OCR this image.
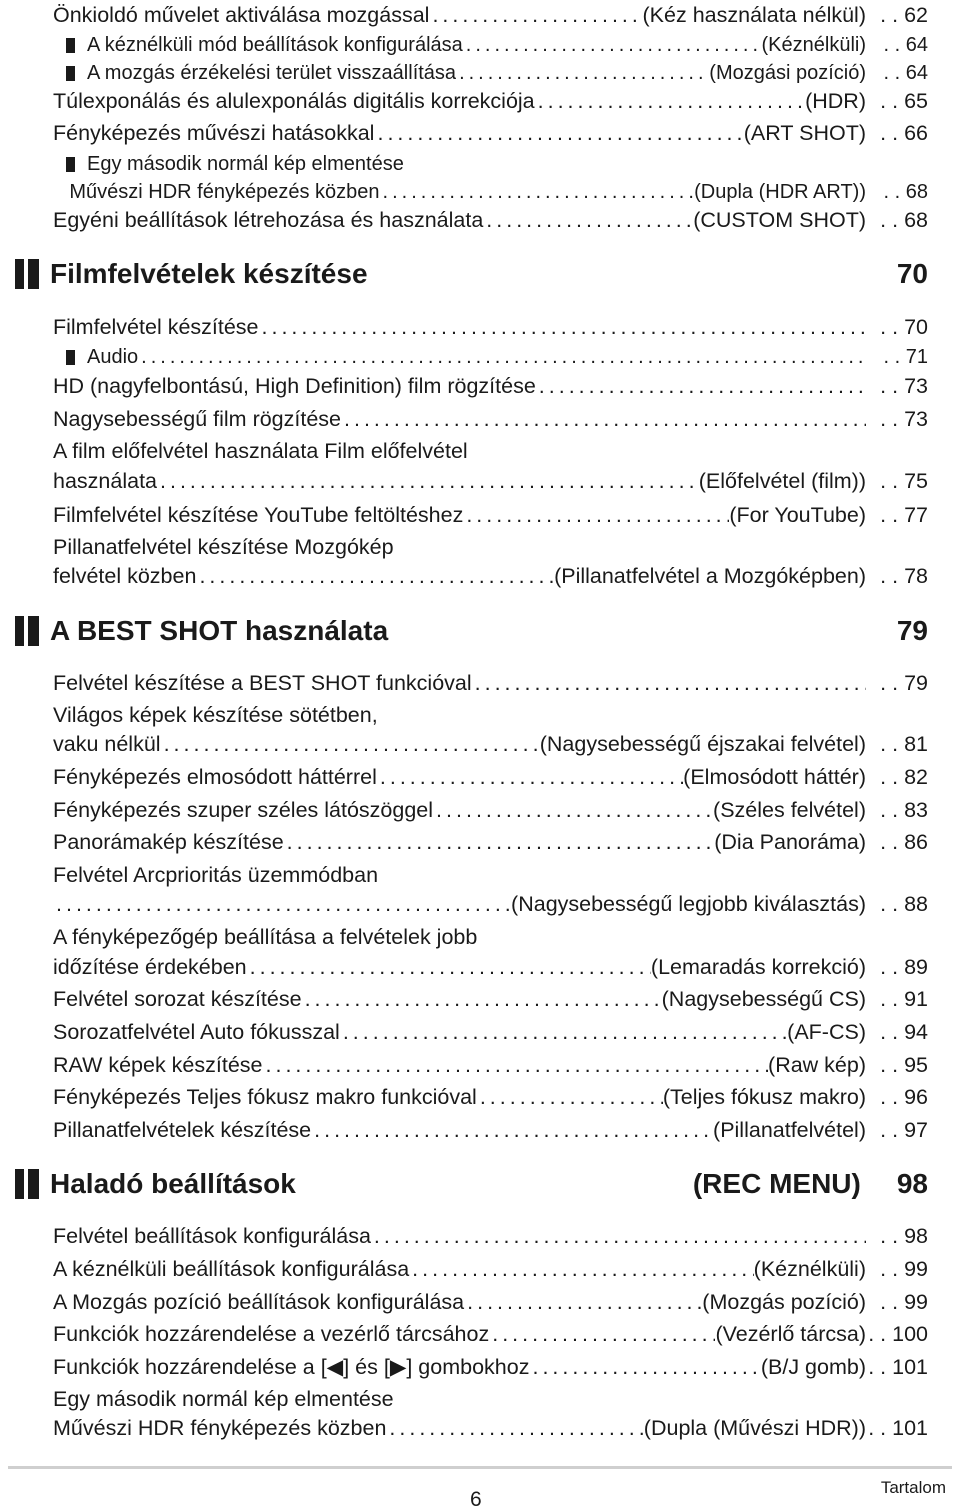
Önkioldó művelet aktiválása mozgással .....	(Kéz használata nélkül)	. . 62
A kéznélküli mód beállítások konfigurálása .....	(Kéznélküli)	. . 64
A mozgás érzékelési terület visszaállítása .....	(Mozgási pozíció)	. . 64
Túlexponálás és alulexponálás digitális korrekciója .....	(HDR)	. . 65
Fényképezés művészi hatásokkal .....	(ART SHOT)	. . 66
Egy második normál kép elmentése
Művészi HDR fényképezés közben .....	(Dupla (HDR ART))	. . 68
Egyéni beállítások létrehozása és használata .....	(CUSTOM SHOT)	. . 68
Filmfelvételek készítése	70
Filmfelvétel készítése .....	. . 70
Audio .....	. . 71
HD (nagyfelbontású, High Definition) film rögzítése .....	. . 73
Nagysebességű film rögzítése .....	. . 73
A film előfelvétel használata Film előfelvétel
használata .....	(Előfelvétel (film))	. . 75
Filmfelvétel készítése YouTube feltöltéshez .....	(For YouTube)	. . 77
Pillanatfelvétel készítése Mozgókép
felvétel közben .....	(Pillanatfelvétel a Mozgóképben)	. . 78
A BEST SHOT használata	79
Felvétel készítése a BEST SHOT funkcióval .....	. . 79
Világos képek készítése sötétben,
vaku nélkül .....	(Nagysebességű éjszakai felvétel)	. . 81
Fényképezés elmosódott háttérrel .....	(Elmosódott háttér)	. . 82
Fényképezés szuper széles látószöggel .....	(Széles felvétel)	. . 83
Panorámakép készítése .....	(Dia Panoráma)	. . 86
Felvétel Arcprioritás üzemmódban
.....
(Nagysebességű legjobb kiválasztás)	. . 88
A fényképezőgép beállítása a felvételek jobb
időzítése érdekében .....	(Lemaradás korrekció)	. . 89
Felvétel sorozat készítése .....	(Nagysebességű CS)	. . 91
Sorozatfelvétel Auto fókusszal .....	(AF-CS)	. . 94
RAW képek készítése .....	(Raw kép)	. . 95
Fényképezés Teljes fókusz makro funkcióval .....	(Teljes fókusz makro)	. . 96
Pillanatfelvételek készítése .....	(Pillanatfelvétel)	. . 97
Haladó beállítások	(REC MENU) 98
Felvétel beállítások konfigurálása .....	. . 98
A kéznélküli beállítások konfigurálása .....	(Kéznélküli)	. . 99
A Mozgás pozíció beállítások konfigurálása .....	(Mozgás pozíció)	. . 99
Funkciók hozzárendelése a vezérlő tárcsához .....	(Vezérlő tárcsa)	. . 100
Funkciók hozzárendelése a [◀] és [▶] gombokhoz .....	(B/J gomb)	. . 101
Egy második normál kép elmentése
Művészi HDR fényképezés közben .....	(Dupla (Művészi HDR))	. . 101
6
Tartalom
